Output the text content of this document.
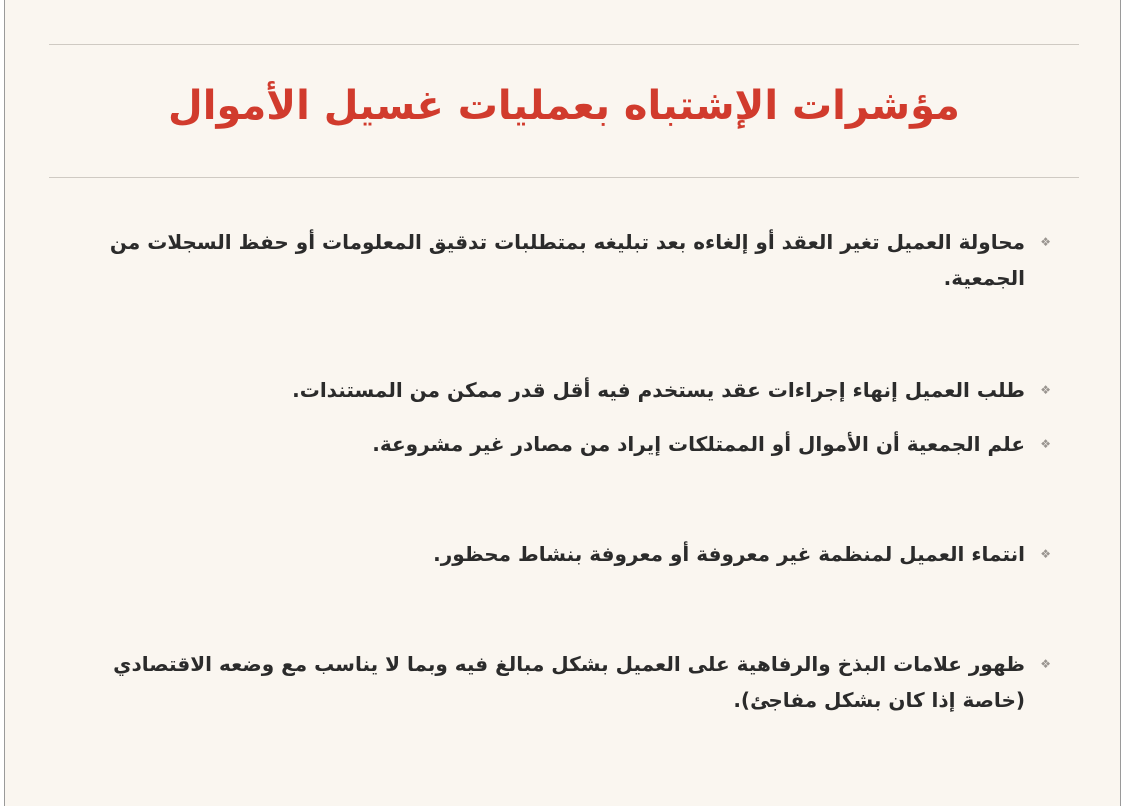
مؤشرات الإشتباه بعمليات غسيل الأموال
❖
محاولة العميل تغير العقد أو إلغاءه بعد تبليغه بمتطلبات تدقيق المعلومات أو حفظ السجلات من الجمعية.
❖
طلب العميل إنهاء إجراءات عقد يستخدم فيه أقل قدر ممكن من المستندات.
❖
علم الجمعية أن الأموال أو الممتلكات إيراد من مصادر غير مشروعة.
❖
انتماء العميل لمنظمة غير معروفة أو معروفة بنشاط محظور.
❖
ظهور علامات البذخ والرفاهية على العميل بشكل مبالغ فيه وبما لا يناسب مع وضعه الاقتصادي (خاصة إذا كان بشكل مفاجئ).
